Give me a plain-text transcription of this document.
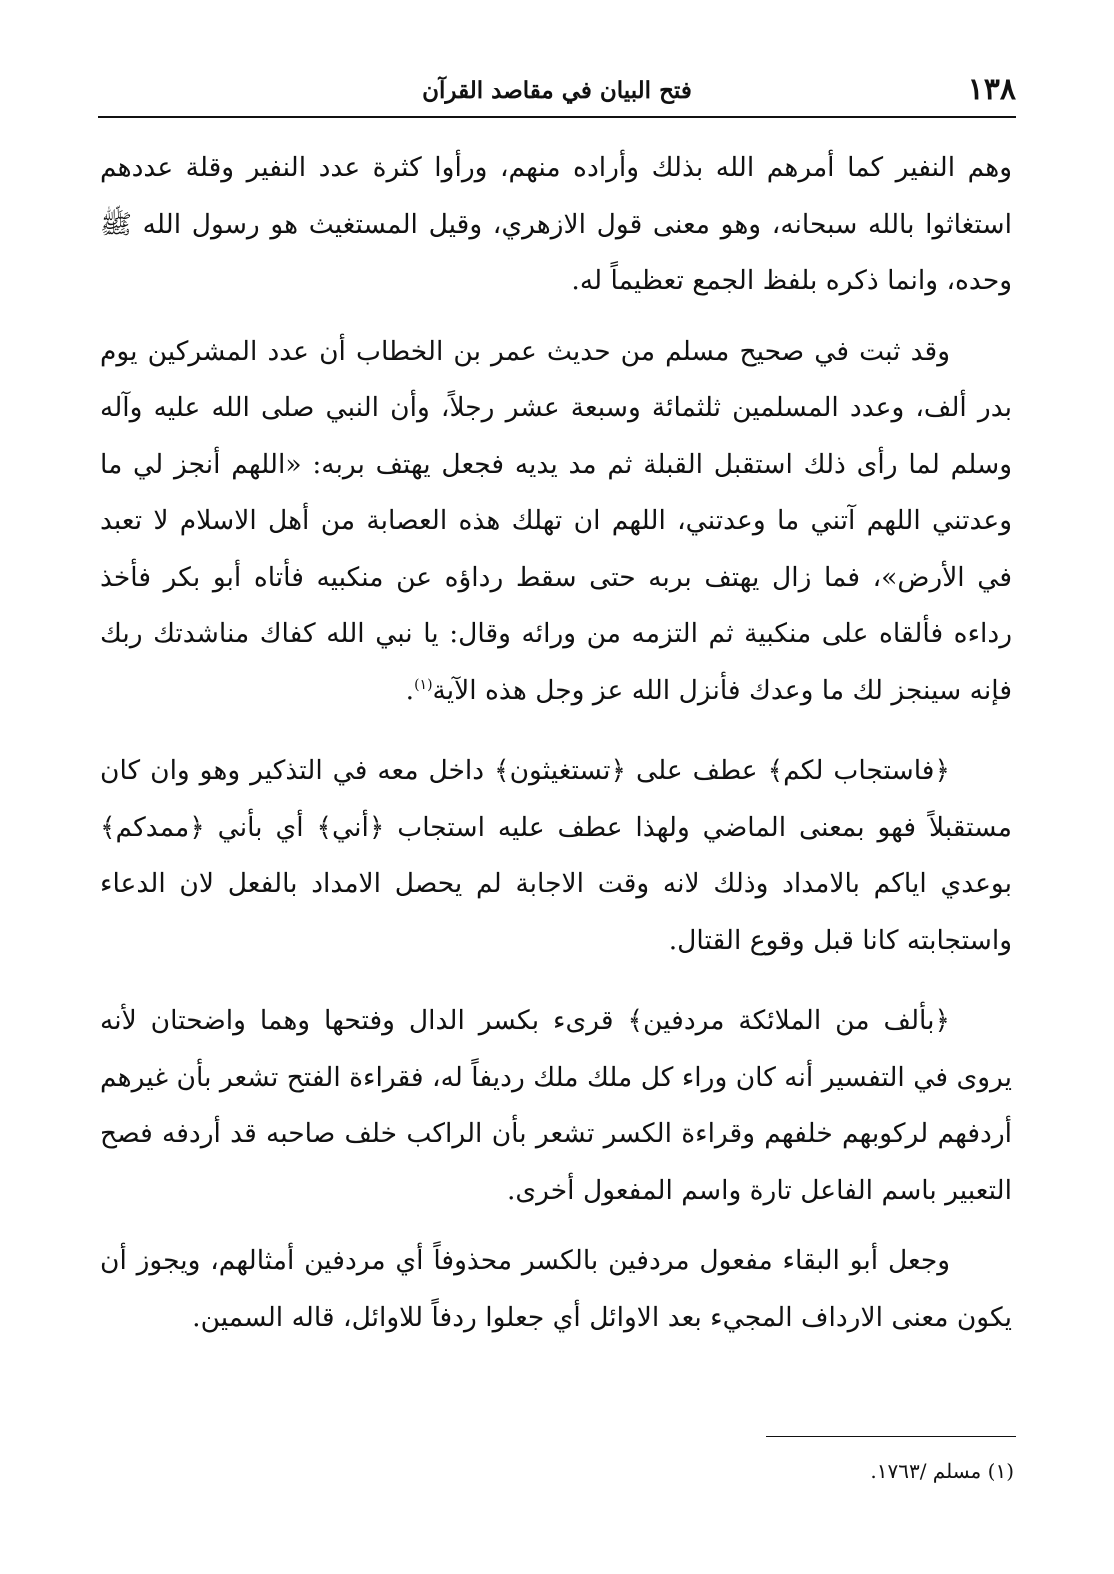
١٣٨
فتح البيان في مقاصد القرآن

وهم النفير كما أمرهم الله بذلك وأراده منهم، ورأوا كثرة عدد النفير وقلة عددهم استغاثوا بالله سبحانه، وهو معنى قول الازهري، وقيل المستغيث هو رسول الله ﷺ وحده، وانما ذكره بلفظ الجمع تعظيماً له.

وقد ثبت في صحيح مسلم من حديث عمر بن الخطاب أن عدد المشركين يوم بدر ألف، وعدد المسلمين ثلثمائة وسبعة عشر رجلاً، وأن النبي صلى الله عليه وآله وسلم لما رأى ذلك استقبل القبلة ثم مد يديه فجعل يهتف بربه: «اللهم أنجز لي ما وعدتني اللهم آتني ما وعدتني، اللهم ان تهلك هذه العصابة من أهل الاسلام لا تعبد في الأرض»، فما زال يهتف بربه حتى سقط رداؤه عن منكبيه فأتاه أبو بكر فأخذ رداءه فألقاه على منكبية ثم التزمه من ورائه وقال: يا نبي الله كفاك مناشدتك ربك فإنه سينجز لك ما وعدك فأنزل الله عز وجل هذه الآية$^{(١)}$.

﴿فاستجاب لكم﴾ عطف على ﴿تستغيثون﴾ داخل معه في التذكير وهو وان كان مستقبلاً فهو بمعنى الماضي ولهذا عطف عليه استجاب ﴿أني﴾ أي بأني ﴿ممدكم﴾ بوعدي اياكم بالامداد وذلك لانه وقت الاجابة لم يحصل الامداد بالفعل لان الدعاء واستجابته كانا قبل وقوع القتال.

﴿بألف من الملائكة مردفين﴾ قرىء بكسر الدال وفتحها وهما واضحتان لأنه يروى في التفسير أنه كان وراء كل ملك ملك رديفاً له، فقراءة الفتح تشعر بأن غيرهم أردفهم لركوبهم خلفهم وقراءة الكسر تشعر بأن الراكب خلف صاحبه قد أردفه فصح التعبير باسم الفاعل تارة واسم المفعول أخرى.

وجعل أبو البقاء مفعول مردفين بالكسر محذوفاً أي مردفين أمثالهم، ويجوز أن يكون معنى الارداف المجيء بعد الاوائل أي جعلوا ردفاً للاوائل، قاله السمين.

(١) مسلم /١٧٦٣.
